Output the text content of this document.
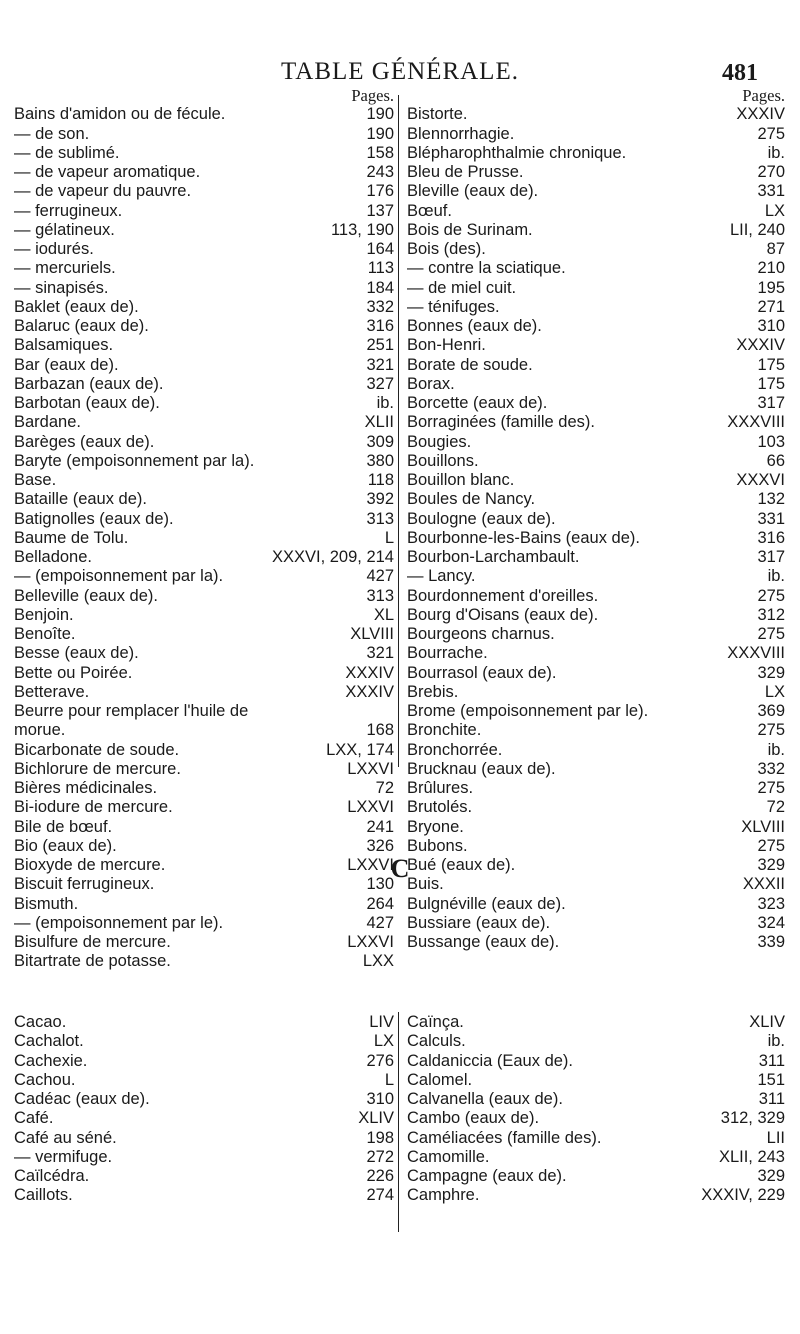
TABLE GÉNÉRALE.	481
Pages.
Bains d'amidon ou de fécule.	190
— de son.	190
— de sublimé.	158
— de vapeur aromatique.	243
— de vapeur du pauvre.	176
— ferrugineux.	137
— gélatineux.	113, 190
— iodurés.	164
— mercuriels.	113
— sinapisés.	184
Baklet (eaux de).	332
Balaruc (eaux de).	316
Balsamiques.	251
Bar (eaux de).	321
Barbazan (eaux de).	327
Barbotan (eaux de).	ib.
Bardane.	XLII
Barèges (eaux de).	309
Baryte (empoisonnement par la).	380
Base.	118
Bataille (eaux de).	392
Batignolles (eaux de).	313
Baume de Tolu.	L
Belladone.	XXXVI, 209, 214
— (empoisonnement par la).	427
Belleville (eaux de).	313
Benjoin.	XL
Benoîte.	XLVIII
Besse (eaux de).	321
Bette ou Poirée.	XXXIV
Betterave.	XXXIV
Beurre pour remplacer l'huile de
morue.	168
Bicarbonate de soude.	LXX, 174
Bichlorure de mercure.	LXXVI
Bières médicinales.	72
Bi-iodure de mercure.	LXXVI
Bile de bœuf.	241
Bio (eaux de).	326
Bioxyde de mercure.	LXXVI
Biscuit ferrugineux.	130
Bismuth.	264
— (empoisonnement par le).	427
Bisulfure de mercure.	LXXVI
Bitartrate de potasse.	LXX
Pages.
Bistorte.	XXXIV
Blennorrhagie.	275
Blépharophthalmie chronique.	ib.
Bleu de Prusse.	270
Bleville (eaux de).	331
Bœuf.	LX
Bois de Surinam.	LII, 240
Bois (des).	87
— contre la sciatique.	210
— de miel cuit.	195
— ténifuges.	271
Bonnes (eaux de).	310
Bon-Henri.	XXXIV
Borate de soude.	175
Borax.	175
Borcette (eaux de).	317
Borraginées (famille des).	XXXVIII
Bougies.	103
Bouillons.	66
Bouillon blanc.	XXXVI
Boules de Nancy.	132
Boulogne (eaux de).	331
Bourbonne-les-Bains (eaux de).	316
Bourbon-Larchambault.	317
— Lancy.	ib.
Bourdonnement d'oreilles.	275
Bourg d'Oisans (eaux de).	312
Bourgeons charnus.	275
Bourrache.	XXXVIII
Bourrasol (eaux de).	329
Brebis.	LX
Brome (empoisonnement par le).	369
Bronchite.	275
Bronchorrée.	ib.
Brucknau (eaux de).	332
Brûlures.	275
Brutolés.	72
Bryone.	XLVIII
Bubons.	275
Bué (eaux de).	329
Buis.	XXXII
Bulgnéville (eaux de).	323
Bussiare (eaux de).	324
Bussange (eaux de).	339
C
Cacao.	LIV
Cachalot.	LX
Cachexie.	276
Cachou.	L
Cadéac (eaux de).	310
Café.	XLIV
Café au séné.	198
— vermifuge.	272
Caïlcédra.	226
Caillots.	274
Caïnça.	XLIV
Calculs.	ib.
Caldaniccia (Eaux de).	311
Calomel.	151
Calvanella (eaux de).	311
Cambo (eaux de).	312, 329
Caméliacées (famille des).	LII
Camomille.	XLII, 243
Campagne (eaux de).	329
Camphre.	XXXIV, 229
